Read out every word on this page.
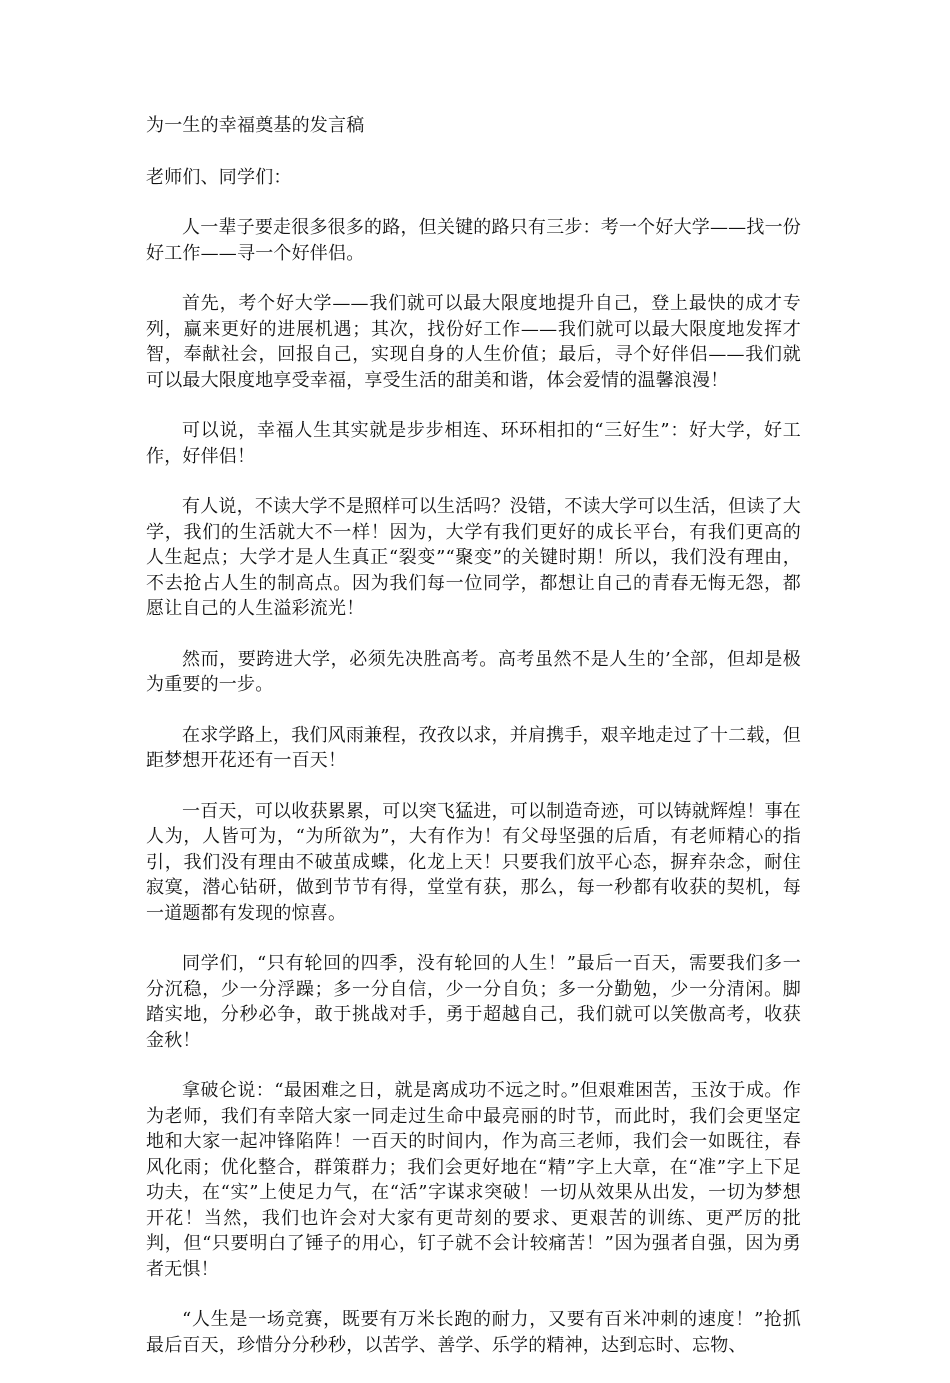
为一生的幸福奠基的发言稿
老师们、同学们：

人一辈子要走很多很多的路，但关键的路只有三步：考一个好大学——找一份好工作——寻一个好伴侣。

首先，考个好大学——我们就可以最大限度地提升自己，登上最快的成才专列，赢来更好的进展机遇；其次，找份好工作——我们就可以最大限度地发挥才智，奉献社会，回报自己，实现自身的人生价值；最后，寻个好伴侣——我们就可以最大限度地享受幸福，享受生活的甜美和谐，体会爱情的温馨浪漫！

可以说，幸福人生其实就是步步相连、环环相扣的“三好生”：好大学，好工作，好伴侣！

有人说，不读大学不是照样可以生活吗？没错，不读大学可以生活，但读了大学，我们的生活就大不一样！因为，大学有我们更好的成长平台，有我们更高的人生起点；大学才是人生真正“裂变”“聚变”的关键时期！所以，我们没有理由，不去抢占人生的制高点。因为我们每一位同学，都想让自己的青春无悔无怨，都愿让自己的人生溢彩流光！

然而，要跨进大学，必须先决胜高考。高考虽然不是人生的’全部，但却是极为重要的一步。

在求学路上，我们风雨兼程，孜孜以求，并肩携手，艰辛地走过了十二载，但距梦想开花还有一百天！

一百天，可以收获累累，可以突飞猛进，可以制造奇迹，可以铸就辉煌！事在人为，人皆可为，“为所欲为”，大有作为！有父母坚强的后盾，有老师精心的指引，我们没有理由不破茧成蝶，化龙上天！只要我们放平心态，摒弃杂念，耐住寂寞，潜心钻研，做到节节有得，堂堂有获，那么，每一秒都有收获的契机，每一道题都有发现的惊喜。

同学们，“只有轮回的四季，没有轮回的人生！”最后一百天，需要我们多一分沉稳，少一分浮躁；多一分自信，少一分自负；多一分勤勉，少一分清闲。脚踏实地，分秒必争，敢于挑战对手，勇于超越自己，我们就可以笑傲高考，收获金秋！

拿破仑说：“最困难之日，就是离成功不远之时。”但艰难困苦，玉汝于成。作为老师，我们有幸陪大家一同走过生命中最亮丽的时节，而此时，我们会更坚定地和大家一起冲锋陷阵！一百天的时间内，作为高三老师，我们会一如既往，春风化雨；优化整合，群策群力；我们会更好地在“精”字上大章，在“准”字上下足功夫，在“实”上使足力气，在“活”字谋求突破！一切从效果从出发，一切为梦想开花！当然，我们也许会对大家有更苛刻的要求、更艰苦的训练、更严厉的批判，但“只要明白了锤子的用心，钉子就不会计较痛苦！”因为强者自强，因为勇者无惧！

“人生是一场竞赛，既要有万米长跑的耐力，又要有百米冲刺的速度！”抢抓最后百天，珍惜分分秒秒，以苦学、善学、乐学的精神，达到忘时、忘物、
